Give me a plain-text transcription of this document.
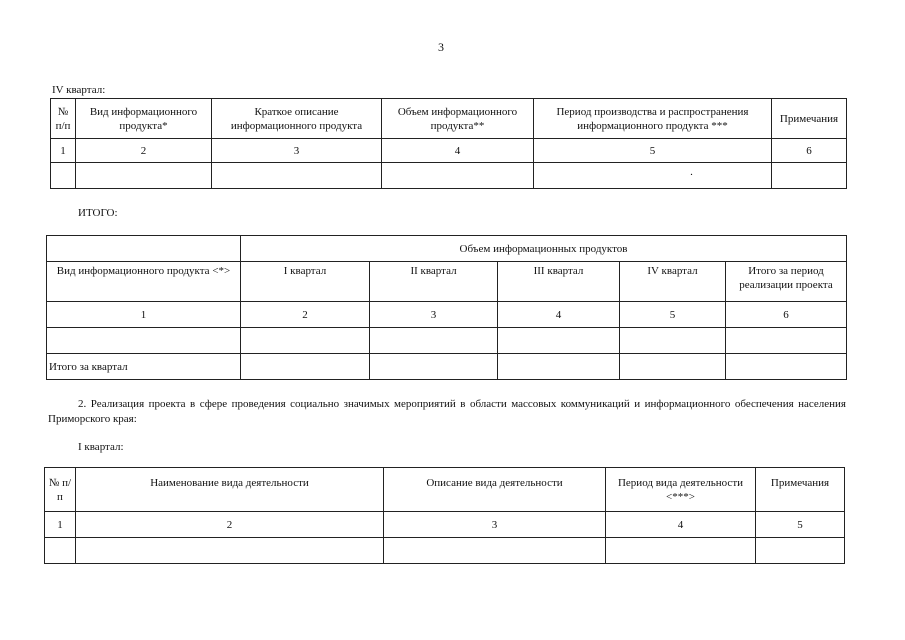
3
IV квартал:
№ п/п	Вид информационного продукта*	Краткое описание информационного продукта	Объем информационного продукта**	Период производства и распространения информационного продукта ***	Примечания
1	2	3	4	5	6
				.	
ИТОГО:
	Объем информационных продуктов				
Вид информационного продукта <*>	I квартал	II квартал	III квартал	IV квартал	Итого за период реализации проекта
1	2	3	4	5	6

Итого за квартал					
2. Реализация проекта в сфере проведения социально значимых мероприятий в области массовых коммуникаций и информационного обеспечения населения Приморского края:
I квартал:
№ п/п	Наименование вида деятельности	Описание вида деятельности	Период вида деятельности <***>	Примечания
1	2	3	4	5
